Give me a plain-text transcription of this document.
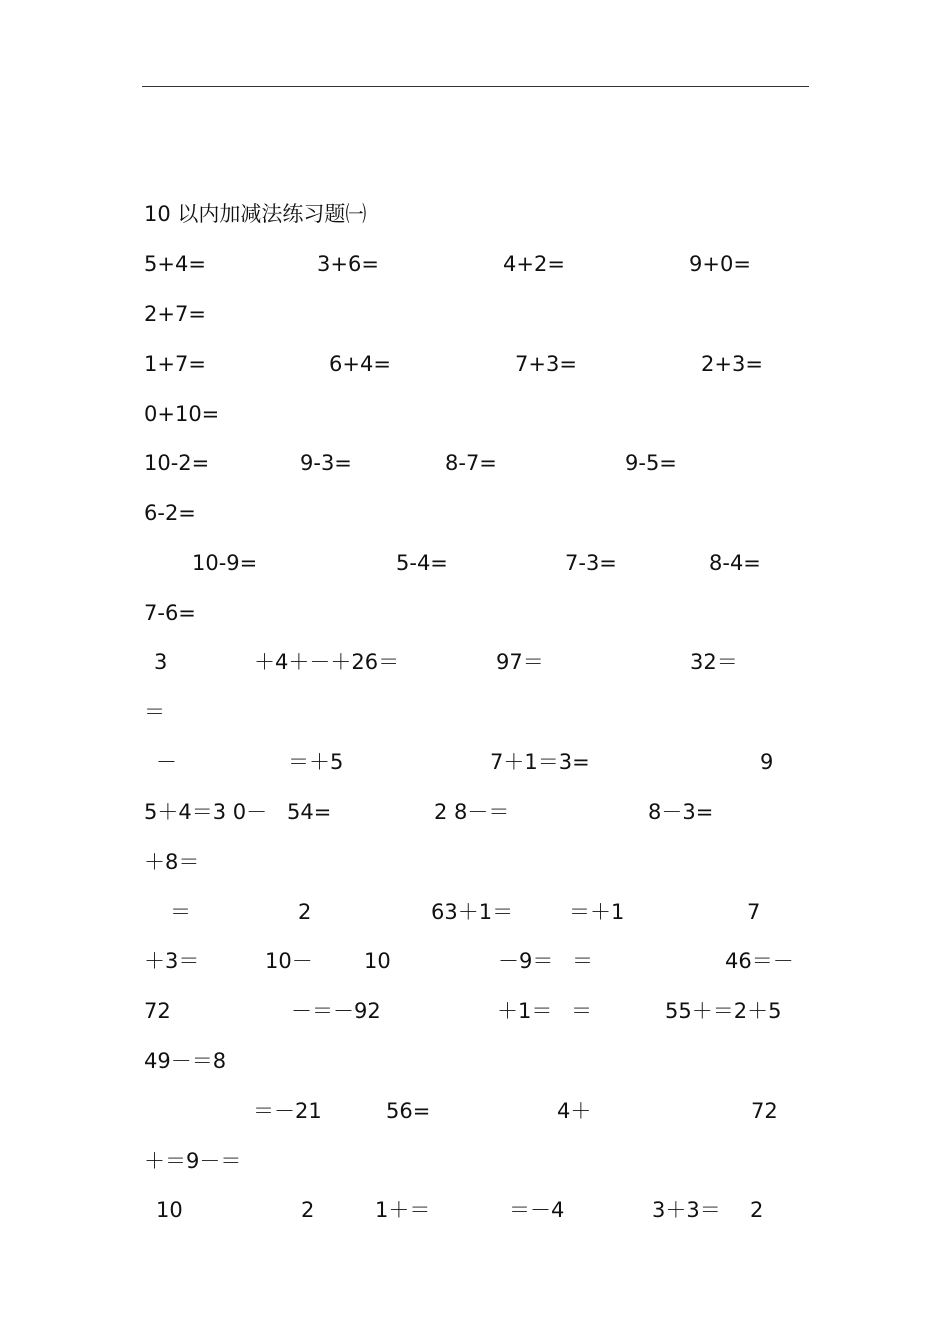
10 以内加减法练习题㈠
5+4=	3+6=	4+2=	9+0=
2+7=
1+7=	6+4=	7+3=	2+3=
0+10=
10-2=	9-3=	8-7=	9-5=
6-2=
10-9=	5-4=	7-3=	8-4=
7-6=
3	＋4＋－＋26＝	97＝	32＝
＝
－	＝＋5	7＋1＝3=	9
5＋4＝3 0－ 54=	2 8－＝	8－3=
＋8＝
＝	2	63＋1＝	＝＋1	7
＋3＝	10－ 10	－9＝ ＝	46＝－
72	－＝－92	＋1＝ ＝	55＋＝2＋5
49－＝8
＝－21	56=	4＋	72
＋＝9－＝
10	2	1＋＝	＝－4	3＋3＝ 2
